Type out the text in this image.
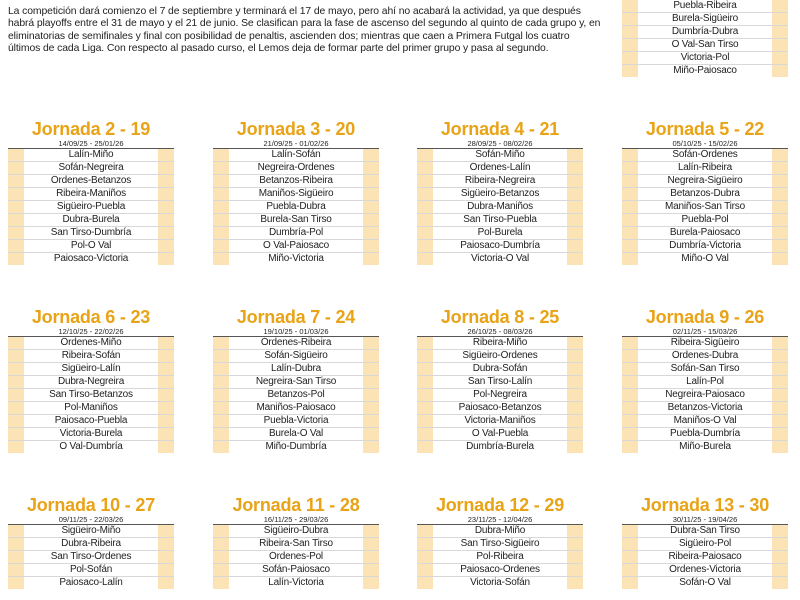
La competición dará comienzo el 7 de septiembre y terminará el 17 de mayo, pero ahí no acabará la actividad, ya que después habrá playoffs entre el 31 de mayo y el 21 de junio. Se clasifican para la fase de ascenso del segundo al quinto de cada grupo y, en eliminatorias de semifinales y final con posibilidad de penaltis, ascienden dos; mientras que caen a Primera Futgal los cuatro últimos de cada Liga. Con respecto al pasado curso, el Lemos deja de formar parte del primer grupo y pasa al segundo.

Puebla-Ribeira
Burela-Sigüeiro
Dumbría-Dubra
O Val-San Tirso
Victoria-Pol
Miño-Paiosaco
Jornada 2 - 19
14/09/25 - 25/01/26
Lalín-Miño
Sofán-Negreira
Órdenes-Betanzos
Ribeira-Maniños
Sigüeiro-Puebla
Dubra-Burela
San Tirso-Dumbría
Pol-O Val
Paiosaco-Victoria
Jornada 3 - 20
21/09/25 - 01/02/26
Lalín-Sofán
Negreira-Órdenes
Betanzos-Ribeira
Maniños-Sigüeiro
Puebla-Dubra
Burela-San Tirso
Dumbría-Pol
O Val-Paiosaco
Miño-Victoria
Jornada 4 - 21
28/09/25 - 08/02/26
Sofán-Miño
Órdenes-Lalín
Ribeira-Negreira
Sigüeiro-Betanzos
Dubra-Maniños
San Tirso-Puebla
Pol-Burela
Paiosaco-Dumbría
Victoria-O Val
Jornada 5 - 22
05/10/25 - 15/02/26
Sofán-Órdenes
Lalín-Ribeira
Negreira-Sigüeiro
Betanzos-Dubra
Maniños-San Tirso
Puebla-Pol
Burela-Paiosaco
Dumbría-Victoria
Miño-O Val
Jornada 6 - 23
12/10/25 - 22/02/26
Órdenes-Miño
Ribeira-Sofán
Sigüeiro-Lalín
Dubra-Negreira
San Tirso-Betanzos
Pol-Maniños
Paiosaco-Puebla
Victoria-Burela
O Val-Dumbría
Jornada 7 - 24
19/10/25 - 01/03/26
Órdenes-Ribeira
Sofán-Sigüeiro
Lalín-Dubra
Negreira-San Tirso
Betanzos-Pol
Maniños-Paiosaco
Puebla-Victoria
Burela-O Val
Miño-Dumbría
Jornada 8 - 25
26/10/25 - 08/03/26
Ribeira-Miño
Sigüeiro-Órdenes
Dubra-Sofán
San Tirso-Lalín
Pol-Negreira
Paiosaco-Betanzos
Victoria-Maniños
O Val-Puebla
Dumbría-Burela
Jornada 9 - 26
02/11/25 - 15/03/26
Ribeira-Sigüeiro
Órdenes-Dubra
Sofán-San Tirso
Lalín-Pol
Negreira-Paiosaco
Betanzos-Victoria
Maniños-O Val
Puebla-Dumbría
Miño-Burela
Jornada 10 - 27
09/11/25 - 22/03/26
Sigüeiro-Miño
Dubra-Ribeira
San Tirso-Órdenes
Pol-Sofán
Paiosaco-Lalín
Jornada 11 - 28
16/11/25 - 29/03/26
Sigüeiro-Dubra
Ribeira-San Tirso
Órdenes-Pol
Sofán-Paiosaco
Lalín-Victoria
Jornada 12 - 29
23/11/25 - 12/04/26
Dubra-Miño
San Tirso-Sigüeiro
Pol-Ribeira
Paiosaco-Órdenes
Victoria-Sofán
Jornada 13 - 30
30/11/25 - 19/04/26
Dubra-San Tirso
Sigüeiro-Pol
Ribeira-Paiosaco
Órdenes-Victoria
Sofán-O Val
